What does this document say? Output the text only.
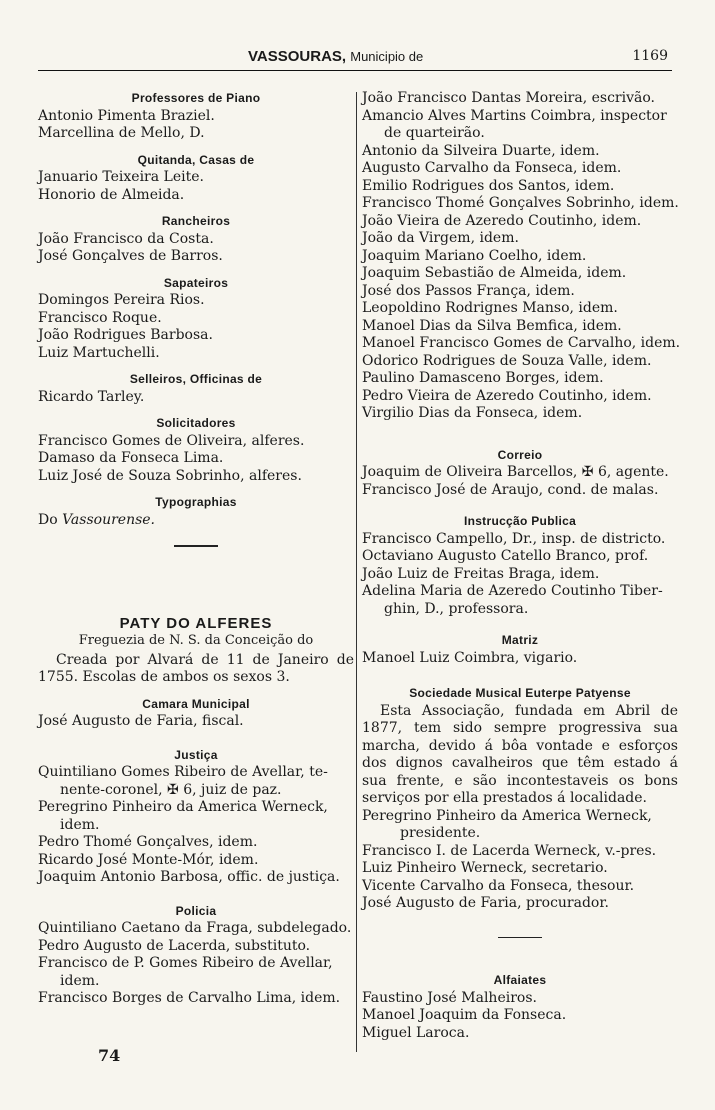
VASSOURAS, Municipio de	1169
Professores de Piano
Antonio Pimenta Braziel.
Marcellina de Mello, D.
Quitanda, Casas de
Januario Teixeira Leite.
Honorio de Almeida.
Rancheiros
João Francisco da Costa.
José Gonçalves de Barros.
Sapateiros
Domingos Pereira Rios.
Francisco Roque.
João Rodrigues Barbosa.
Luiz Martuchelli.
Selleiros, Officinas de
Ricardo Tarley.
Solicitadores
Francisco Gomes de Oliveira, alferes.
Damaso da Fonseca Lima.
Luiz José de Souza Sobrinho, alferes.
Typographias
Do Vassourense.
PATY DO ALFERES
Freguezia de N. S. da Conceição do
Creada por Alvará de 11 de Janeiro de 1755. Escolas de ambos os sexos 3.
Camara Municipal
José Augusto de Faria, fiscal.
Justiça
Quintiliano Gomes Ribeiro de Avellar, te-
nente-coronel, ✠ 6, juiz de paz.
Peregrino Pinheiro da America Werneck,
idem.
Pedro Thomé Gonçalves, idem.
Ricardo José Monte-Mór, idem.
Joaquim Antonio Barbosa, offic. de justiça.
Policia
Quintiliano Caetano da Fraga, subdelegado.
Pedro Augusto de Lacerda, substituto.
Francisco de P. Gomes Ribeiro de Avellar,
idem.
Francisco Borges de Carvalho Lima, idem.
João Francisco Dantas Moreira, escrivão.
Amancio Alves Martins Coimbra, inspector
de quarteirão.
Antonio da Silveira Duarte, idem.
Augusto Carvalho da Fonseca, idem.
Emilio Rodrigues dos Santos, idem.
Francisco Thomé Gonçalves Sobrinho, idem.
João Vieira de Azeredo Coutinho, idem.
João da Virgem, idem.
Joaquim Mariano Coelho, idem.
Joaquim Sebastião de Almeida, idem.
José dos Passos França, idem.
Leopoldino Rodrignes Manso, idem.
Manoel Dias da Silva Bemfica, idem.
Manoel Francisco Gomes de Carvalho, idem.
Odorico Rodrigues de Souza Valle, idem.
Paulino Damasceno Borges, idem.
Pedro Vieira de Azeredo Coutinho, idem.
Virgilio Dias da Fonseca, idem.
Correio
Joaquim de Oliveira Barcellos, ✠ 6, agente.
Francisco José de Araujo, cond. de malas.
Instrucção Publica
Francisco Campello, Dr., insp. de districto.
Octaviano Augusto Catello Branco, prof.
João Luiz de Freitas Braga, idem.
Adelina Maria de Azeredo Coutinho Tiber-
ghin, D., professora.
Matriz
Manoel Luiz Coimbra, vigario.
Sociedade Musical Euterpe Patyense
Esta Associação, fundada em Abril de 1877, tem sido sempre progressiva sua marcha, devido á bôa vontade e esforços dos dignos cavalheiros que têm estado á sua frente, e são incontestaveis os bons serviços por ella prestados á localidade.
Peregrino Pinheiro da America Werneck,
presidente.
Francisco I. de Lacerda Werneck, v.-pres.
Luiz Pinheiro Werneck, secretario.
Vicente Carvalho da Fonseca, thesour.
José Augusto de Faria, procurador.
Alfaiates
Faustino José Malheiros.
Manoel Joaquim da Fonseca.
Miguel Laroca.
74
